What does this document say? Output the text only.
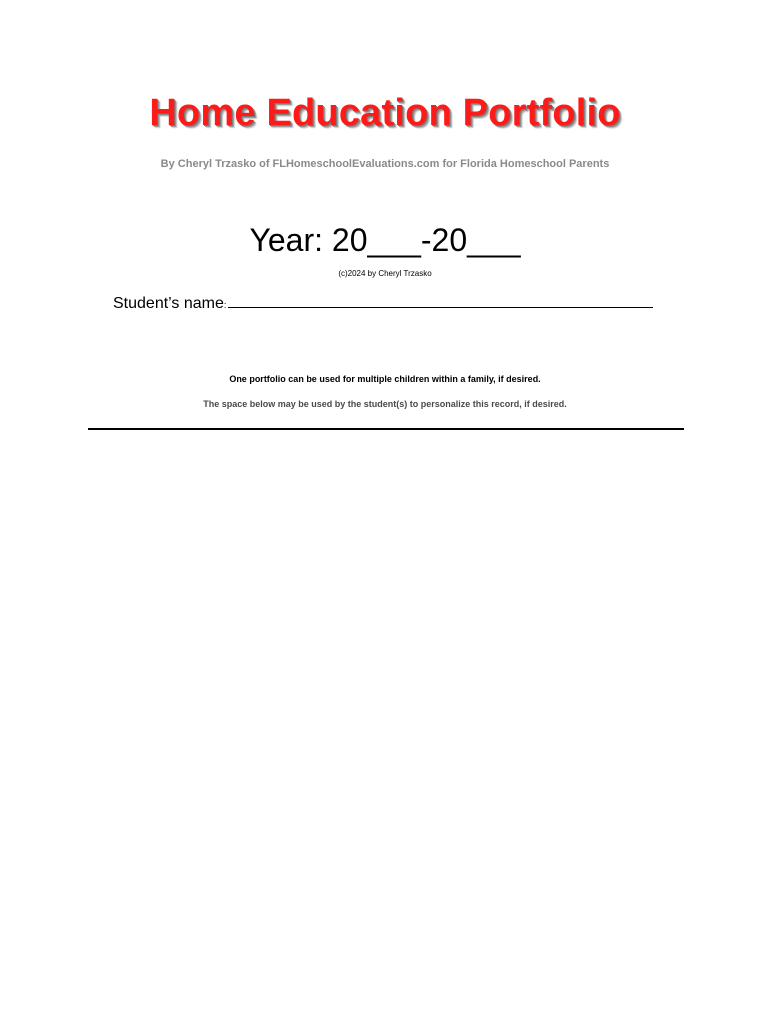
Home Education Portfolio
By Cheryl Trzasko of FLHomeschoolEvaluations.com for Florida Homeschool Parents
Year: 20___-20___
(c)2024 by Cheryl Trzasko
Student’s name:
One portfolio can be used for multiple children within a family, if desired.
The space below may be used by the student(s) to personalize this record, if desired.
